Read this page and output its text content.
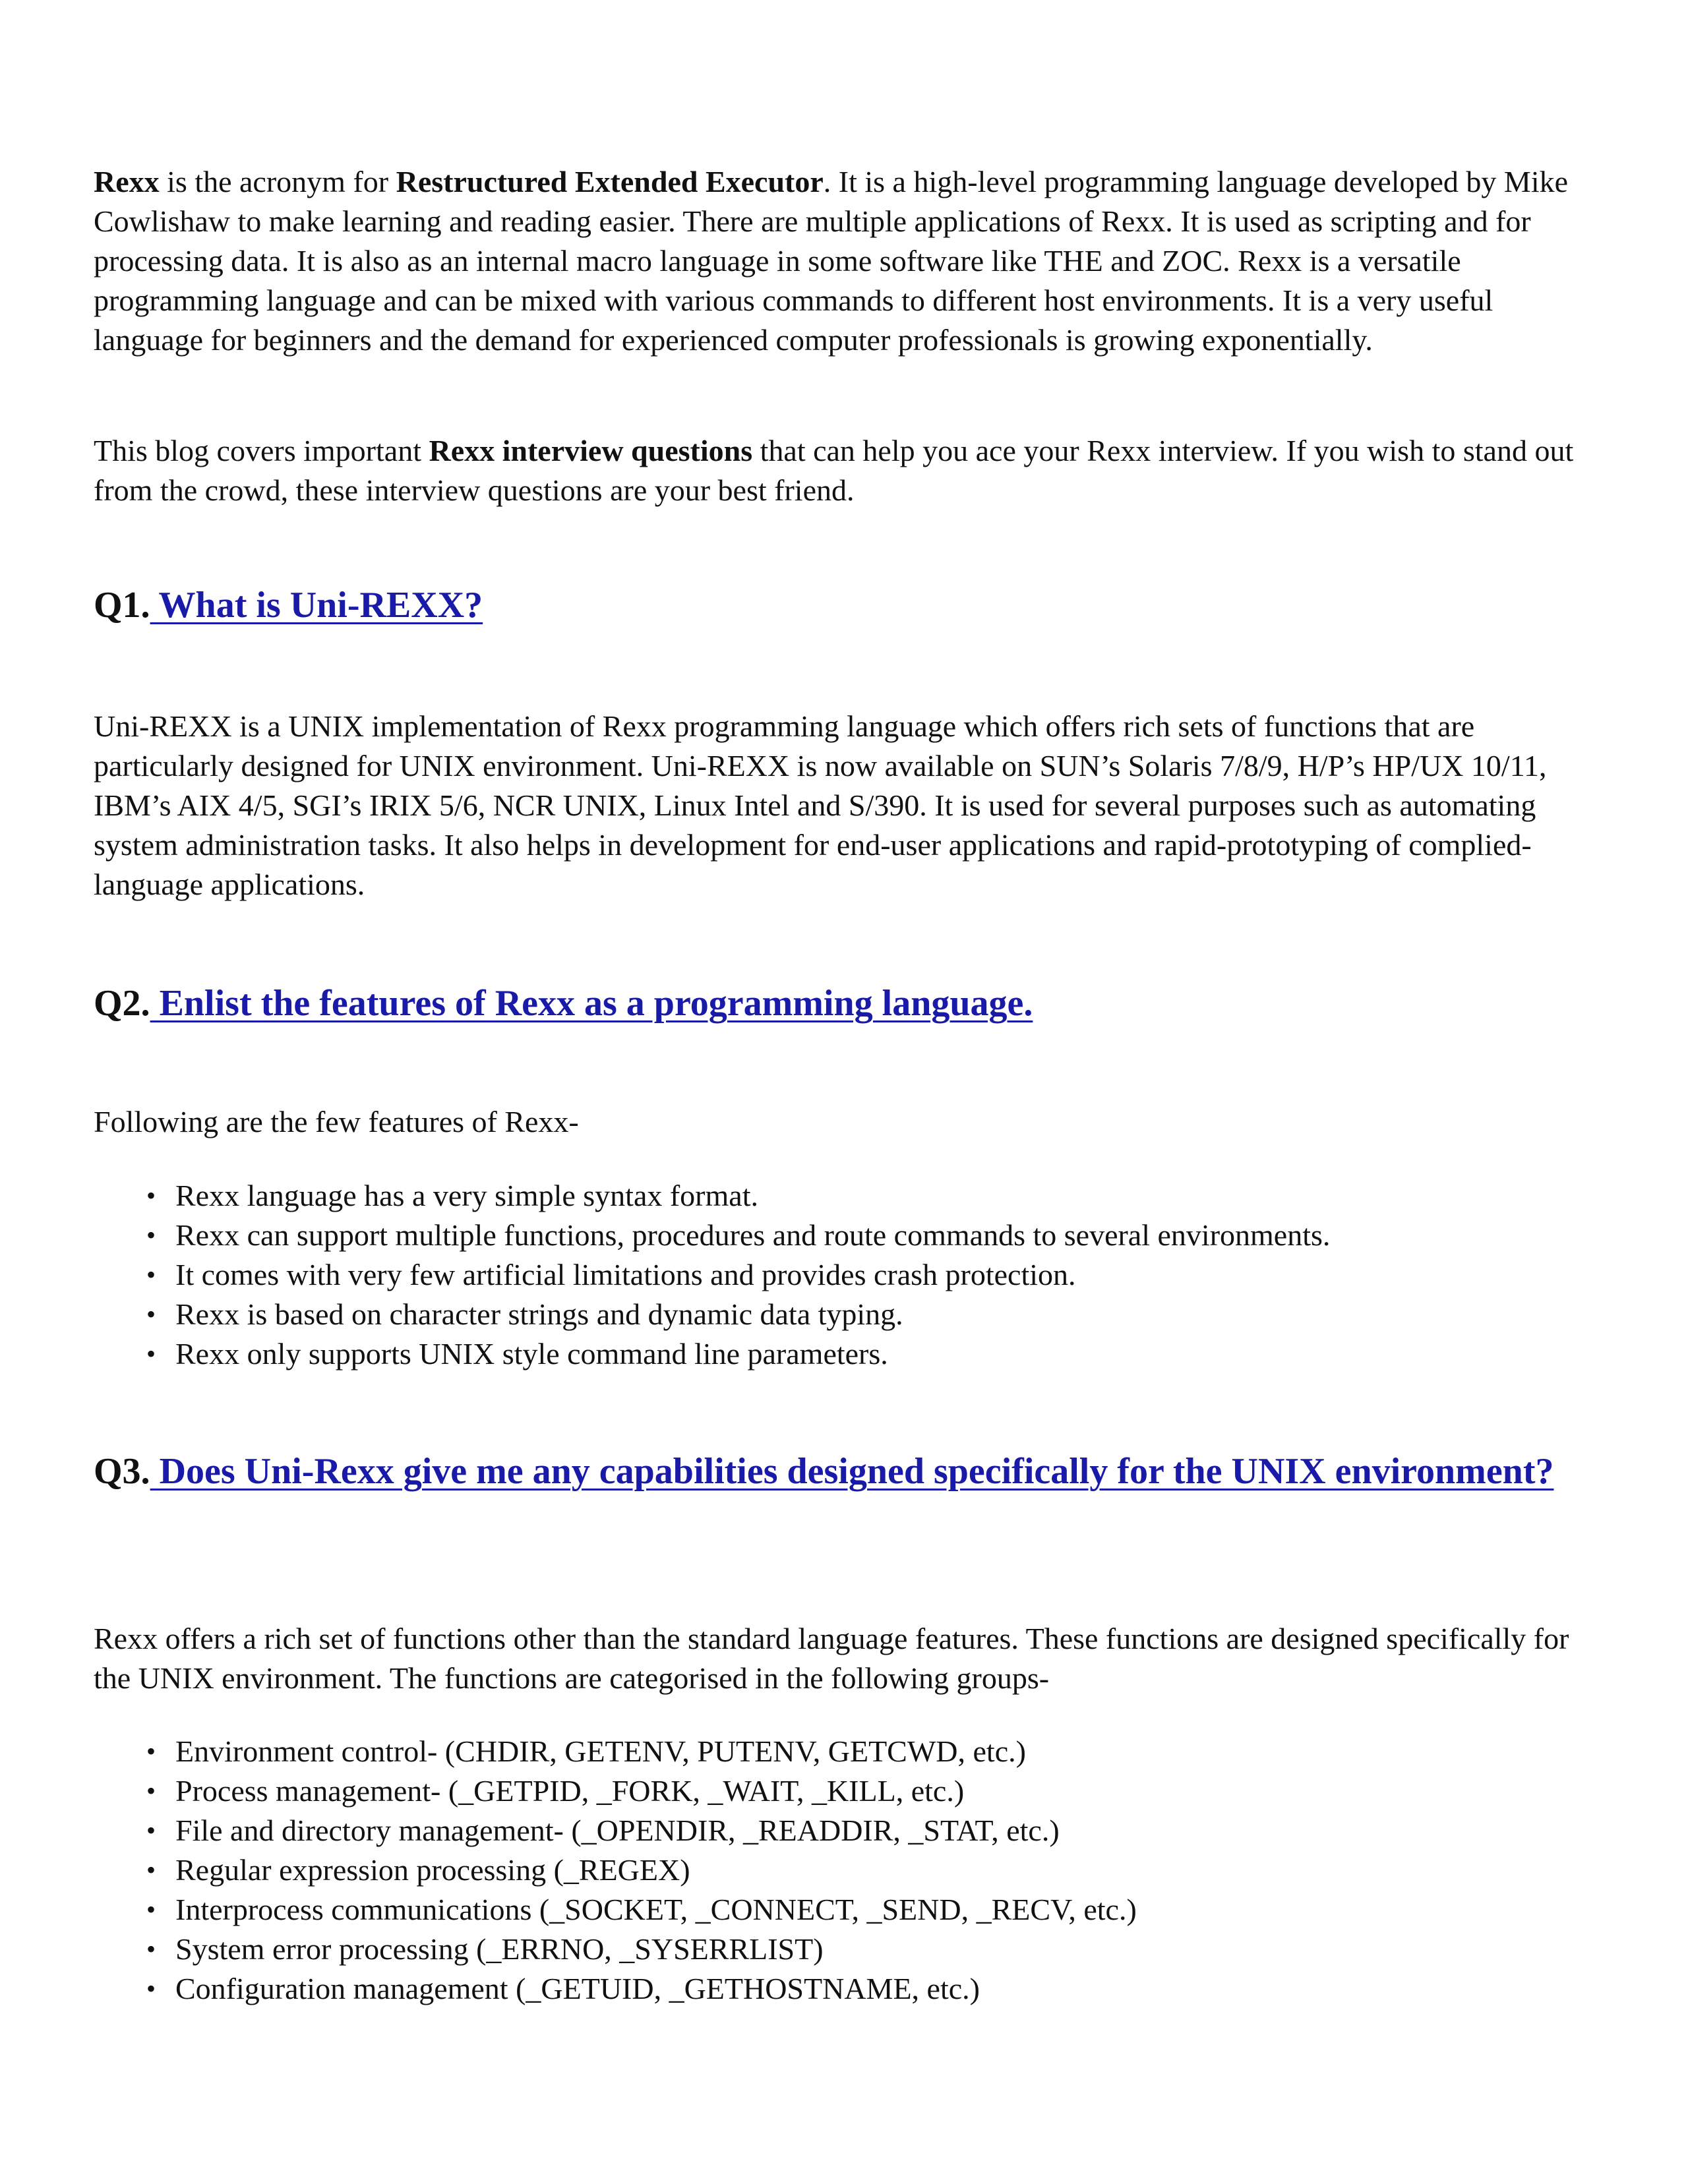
Rexx is the acronym for Restructured Extended Executor. It is a high-level programming language developed by Mike Cowlishaw to make learning and reading easier. There are multiple applications of Rexx. It is used as scripting and for processing data. It is also as an internal macro language in some software like THE and ZOC. Rexx is a versatile programming language and can be mixed with various commands to different host environments. It is a very useful language for beginners and the demand for experienced computer professionals is growing exponentially.

This blog covers important Rexx interview questions that can help you ace your Rexx interview. If you wish to stand out from the crowd, these interview questions are your best friend.

Q1. What is Uni-REXX?

Uni-REXX is a UNIX implementation of Rexx programming language which offers rich sets of functions that are particularly designed for UNIX environment. Uni-REXX is now available on SUN’s Solaris 7/8/9, H/P’s HP/UX 10/11, IBM’s AIX 4/5, SGI’s IRIX 5/6, NCR UNIX, Linux Intel and S/390. It is used for several purposes such as automating system administration tasks. It also helps in development for end-user applications and rapid-prototyping of complied-language applications.

Q2. Enlist the features of Rexx as a programming language.

Following are the few features of Rexx-

• Rexx language has a very simple syntax format.
• Rexx can support multiple functions, procedures and route commands to several environments.
• It comes with very few artificial limitations and provides crash protection.
• Rexx is based on character strings and dynamic data typing.
• Rexx only supports UNIX style command line parameters.
Q3. Does Uni-Rexx give me any capabilities designed specifically for the UNIX environment?

Rexx offers a rich set of functions other than the standard language features. These functions are designed specifically for the UNIX environment. The functions are categorised in the following groups-

• Environment control- (CHDIR, GETENV, PUTENV, GETCWD, etc.)
• Process management- (_GETPID, _FORK, _WAIT, _KILL, etc.)
• File and directory management- (_OPENDIR, _READDIR, _STAT, etc.)
• Regular expression processing (_REGEX)
• Interprocess communications (_SOCKET, _CONNECT, _SEND, _RECV, etc.)
• System error processing (_ERRNO, _SYSERRLIST)
• Configuration management (_GETUID, _GETHOSTNAME, etc.)
